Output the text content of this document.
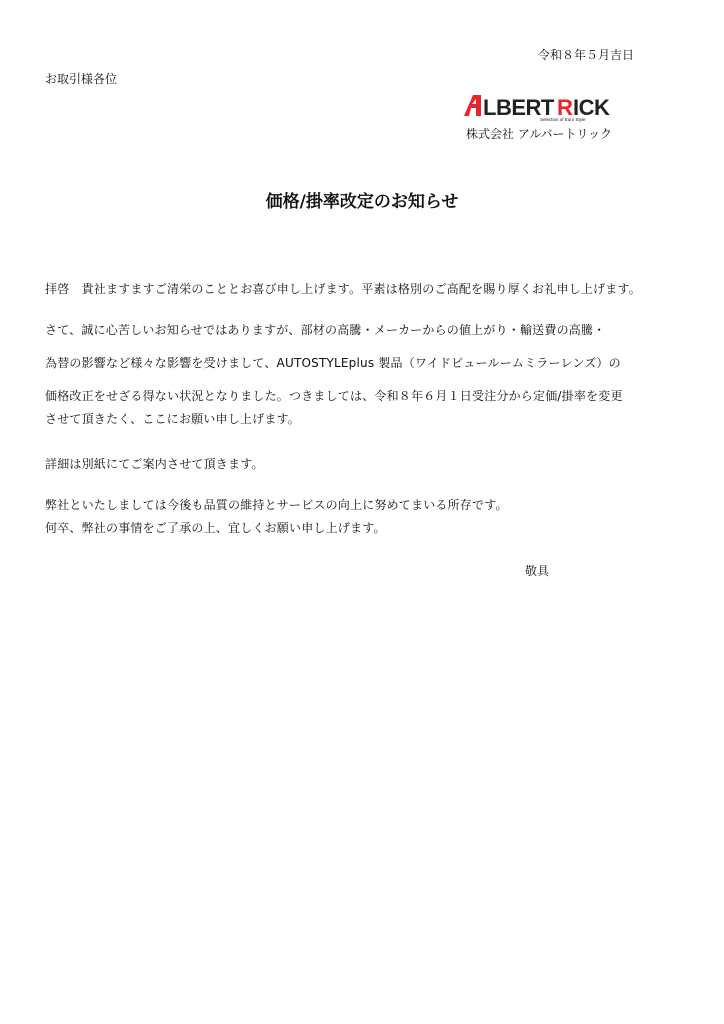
令和８年５月吉日
お取引様各位
LBERT R ICK
Selection of Euro Style
株式会社 アルバートリック
価格/掛率改定のお知らせ
拝啓　貴社ますますご清栄のこととお喜び申し上げます。平素は格別のご高配を賜り厚くお礼申し上げます。
さて、誠に心苦しいお知らせではありますが、部材の高騰・メーカーからの値上がり・輸送費の高騰・
為替の影響など様々な影響を受けまして、AUTOSTYLEplus 製品（ワイドビュールームミラーレンズ）の
価格改正をせざる得ない状況となりました。つきましては、令和８年６月１日受注分から定価/掛率を変更
させて頂きたく、ここにお願い申し上げます。
詳細は別紙にてご案内させて頂きます。
弊社といたしましては今後も品質の維持とサービスの向上に努めてまいる所存です。
何卒、弊社の事情をご了承の上、宜しくお願い申し上げます。
敬具
